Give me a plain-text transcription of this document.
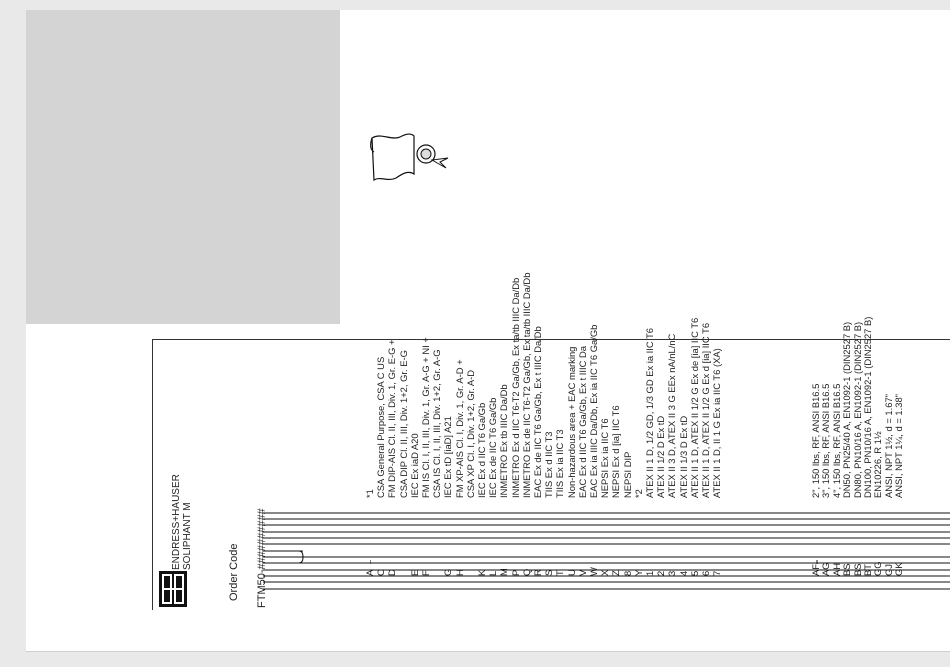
ENDRESS+HAUSER SOLIPHANT M
Order Code FTM50-##########	A
*1
C
CSA General Purpose, CSA C US
D
FM DIP-AIS Cl. II, III, Div. 1, Gr. E-G + CSA DIP Cl. II, III, Div. 1+2, Gr. E-G
E
IEC Ex iaD A20
F
FM IS Cl. I, II, III, Div. 1, Gr. A-G + NI + CSA IS Cl. I, II, III, Div. 1+2, Gr. A-G
G
IEC Ex tD [iaD] A21
H
FM XP-AIS Cl. I, Div. 1, Gr. A-D + CSA XP Cl. I, Div. 1+2, Gr. A-D
K
IEC Ex d IIC T6 Ga/Gb
L
IEC Ex de IIC T6 Ga/Gb
M
INMETRO Ex tb IIIC Da/Db
P
INMETRO Ex d IIC T6-T2 Ga/Gb, Ex ta/tb IIIC Da/Db
Q
INMETRO Ex de IIC T6-T2 Ga/Gb, Ex ta/tb IIIC Da/Db
R
EAC Ex de IIC T6 Ga/Gb, Ex t IIIC Da/Db
S
TIIS Ex d IIC T3
T
TIIS Ex ia IIC T3
U
Non-hazardous area + EAC marking
V
EAC Ex d IIC T6 Ga/Gb, Ex t IIIC Da
W
EAC Ex ia IIIC Da/Db, Ex ia IIC T6 Ga/Gb
X
NEPSI Ex ia IIC T6
Z
NEPSI Ex d [ia] IIC T6
8
NEPSI DIP
Y
*2
1
ATEX II 1 D, 1/2 GD, 1/3 GD Ex ia IIC T6
2
ATEX II 1/2 D Ex tD
3
ATEX II 3 D, ATEX II 3 G EEx nA/nL/nC
4
ATEX II 1/3 D Ex tD
5
ATEX II 1 D, ATEX II 1/2 G Ex de [ia] IIC T6
6
ATEX II 1 D, ATEX II 1/2 G Ex d [ia] IIC T6
7
ATEX II 1 D, II 1 G Ex ia IIC T6 (XA)
AF
2", 150 lbs, RF, ANSI B16.5
AG
3", 150 lbs, RF, ANSI B16.5
AH
4", 150 lbs, RF, ANSI B16.5
BS
DN50, PN25/40 A, EN1092-1 (DIN2527 B)
BS
DN80, PN10/16 A, EN1092-1 (DIN2527 B)
BT
DN100, PN10/16 A, EN1092-1 (DIN2527 B)
GG
EN10226, R 1½
GJ
ANSI, NPT 1½, d = 1.67"
GK
ANSI, NPT 1¼, d = 1.38"
